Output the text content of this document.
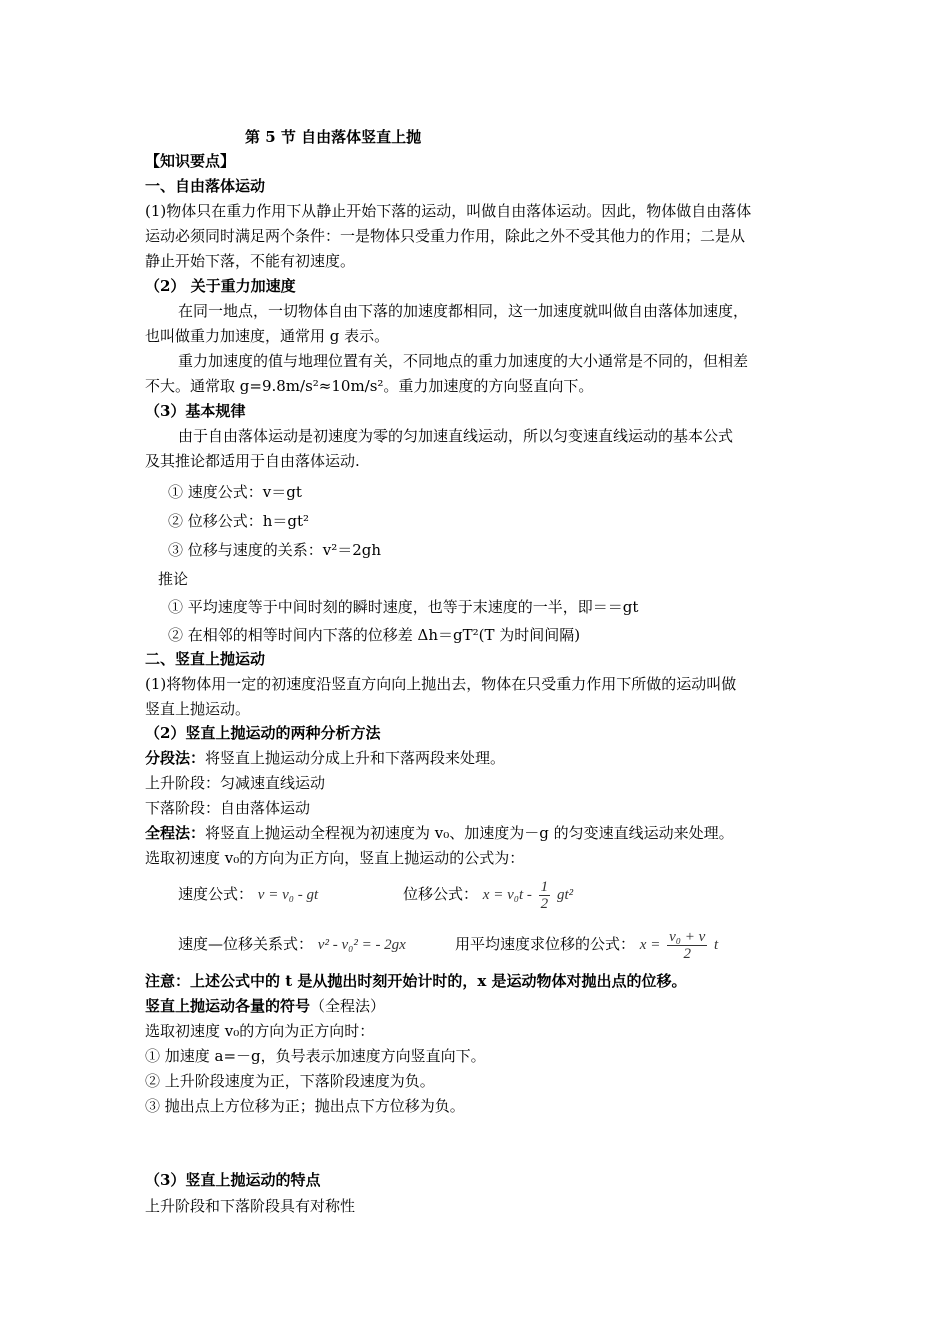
第 5 节 自由落体竖直上抛
【知识要点】
一、自由落体运动
(1)物体只在重力作用下从静止开始下落的运动，叫做自由落体运动。因此，物体做自由落体
运动必须同时满足两个条件：一是物体只受重力作用，除此之外不受其他力的作用；二是从
静止开始下落，不能有初速度。
（2） 关于重力加速度
在同一地点，一切物体自由下落的加速度都相同，这一加速度就叫做自由落体加速度，
也叫做重力加速度，通常用 g 表示。
重力加速度的值与地理位置有关，不同地点的重力加速度的大小通常是不同的，但相差
不大。通常取 g=9.8m/s²≈10m/s²。重力加速度的方向竖直向下。
（3）基本规律
由于自由落体运动是初速度为零的匀加速直线运动，所以匀变速直线运动的基本公式
及其推论都适用于自由落体运动.
① 速度公式：v＝gt
② 位移公式：h＝gt²
③ 位移与速度的关系：v²＝2gh
推论
① 平均速度等于中间时刻的瞬时速度，也等于末速度的一半，即＝＝gt
② 在相邻的相等时间内下落的位移差 Δh＝gT²(T 为时间间隔)
二、竖直上抛运动
(1)将物体用一定的初速度沿竖直方向向上抛出去，物体在只受重力作用下所做的运动叫做
竖直上抛运动。
（2）竖直上抛运动的两种分析方法
分段法：将竖直上抛运动分成上升和下落两段来处理。
上升阶段：匀减速直线运动
下落阶段：自由落体运动
全程法：将竖直上抛运动全程视为初速度为 v₀、加速度为－g 的匀变速直线运动来处理。
选取初速度 v₀的方向为正方向，竖直上抛运动的公式为：
速度公式： v = v₀ - gt	位移公式： $x = v_0t - \frac{1}{2} gt^2$
速度—位移关系式： v² - v₀² = - 2gx	用平均速度求位移的公式： $x = \frac{\text{v₀ + v}}{2}$ t
注意：上述公式中的 t 是从抛出时刻开始计时的，x 是运动物体对抛出点的位移。
竖直上抛运动各量的符号（全程法）
选取初速度 v₀的方向为正方向时：
① 加速度 a=－g，负号表示加速度方向竖直向下。
② 上升阶段速度为正，下落阶段速度为负。
③ 抛出点上方位移为正；抛出点下方位移为负。
（3）竖直上抛运动的特点
上升阶段和下落阶段具有对称性
